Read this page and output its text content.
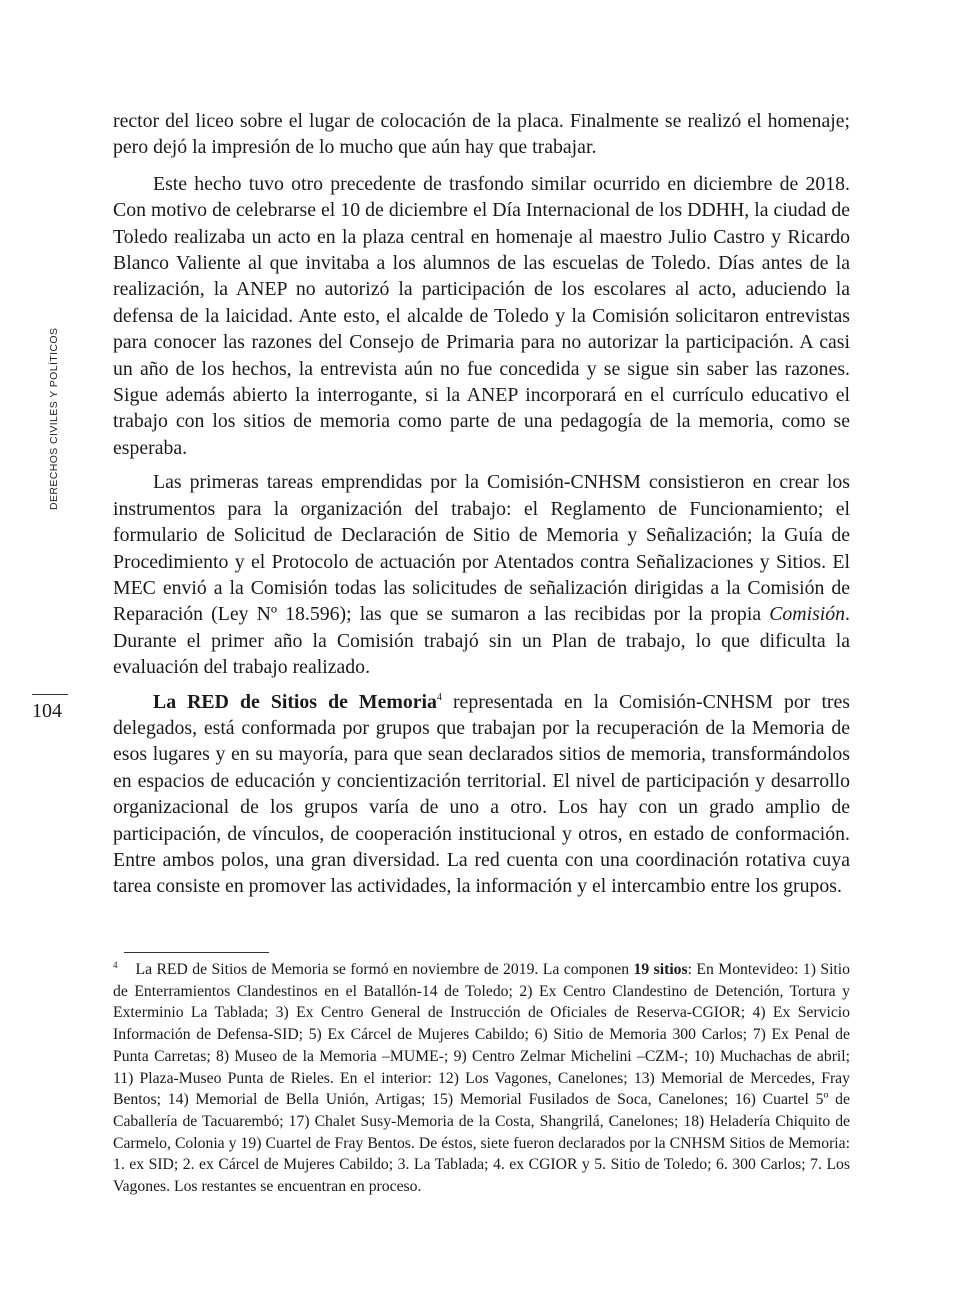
DERECHOS CIVILES Y POLÍTICOS
104

rector del liceo sobre el lugar de colocación de la placa. Finalmente se realizó el homenaje; pero dejó la impresión de lo mucho que aún hay que trabajar.

Este hecho tuvo otro precedente de trasfondo similar ocurrido en diciembre de 2018. Con motivo de celebrarse el 10 de diciembre el Día Internacional de los DDHH, la ciudad de Toledo realizaba un acto en la plaza central en homenaje al maestro Julio Castro y Ricardo Blanco Valiente al que invitaba a los alumnos de las escuelas de Toledo. Días antes de la realización, la ANEP no autorizó la participación de los escolares al acto, aduciendo la defensa de la laicidad. Ante esto, el alcalde de Toledo y la Comisión solicitaron entrevistas para conocer las razones del Consejo de Primaria para no autorizar la participación. A casi un año de los hechos, la entrevista aún no fue concedida y se sigue sin saber las razones. Sigue además abierto la interrogante, si la ANEP incorporará en el currículo educativo el trabajo con los sitios de memoria como parte de una pedagogía de la memoria, como se esperaba.

Las primeras tareas emprendidas por la Comisión-CNHSM consistieron en crear los instrumentos para la organización del trabajo: el Reglamento de Funcionamiento; el formulario de Solicitud de Declaración de Sitio de Memoria y Señalización; la Guía de Procedimiento y el Protocolo de actuación por Atentados contra Señalizaciones y Sitios. El MEC envió a la Comisión todas las solicitudes de señalización dirigidas a la Comisión de Reparación (Ley Nº 18.596); las que se sumaron a las recibidas por la propia Comisión. Durante el primer año la Comisión trabajó sin un Plan de trabajo, lo que dificulta la evaluación del trabajo realizado.

La RED de Sitios de Memoria$^4$ representada en la Comisión-CNHSM por tres delegados, está conformada por grupos que trabajan por la recuperación de la Memoria de esos lugares y en su mayoría, para que sean declarados sitios de memoria, transformándolos en espacios de educación y concientización territorial. El nivel de participación y desarrollo organizacional de los grupos varía de uno a otro. Los hay con un grado amplio de participación, de vínculos, de cooperación institucional y otros, en estado de conformación. Entre ambos polos, una gran diversidad. La red cuenta con una coordinación rotativa cuya tarea consiste en promover las actividades, la información y el intercambio entre los grupos.

$^4$ La RED de Sitios de Memoria se formó en noviembre de 2019. La componen 19 sitios: En Montevideo: 1) Sitio de Enterramientos Clandestinos en el Batallón-14 de Toledo; 2) Ex Centro Clandestino de Detención, Tortura y Exterminio La Tablada; 3) Ex Centro General de Instrucción de Oficiales de Reserva-CGIOR; 4) Ex Servicio Información de Defensa-SID; 5) Ex Cárcel de Mujeres Cabildo; 6) Sitio de Memoria 300 Carlos; 7) Ex Penal de Punta Carretas; 8) Museo de la Memoria –MUME-; 9) Centro Zelmar Michelini –CZM-; 10) Muchachas de abril; 11) Plaza-Museo Punta de Rieles. En el interior: 12) Los Vagones, Canelones; 13) Memorial de Mercedes, Fray Bentos; 14) Memorial de Bella Unión, Artigas; 15) Memorial Fusilados de Soca, Canelones; 16) Cuartel 5º de Caballería de Tacuarembó; 17) Chalet Susy-Memoria de la Costa, Shangrilá, Canelones; 18) Heladería Chiquito de Carmelo, Colonia y 19) Cuartel de Fray Bentos. De éstos, siete fueron declarados por la CNHSM Sitios de Memoria: 1. ex SID; 2. ex Cárcel de Mujeres Cabildo; 3. La Tablada; 4. ex CGIOR y 5. Sitio de Toledo; 6. 300 Carlos; 7. Los Vagones. Los restantes se encuentran en proceso.
